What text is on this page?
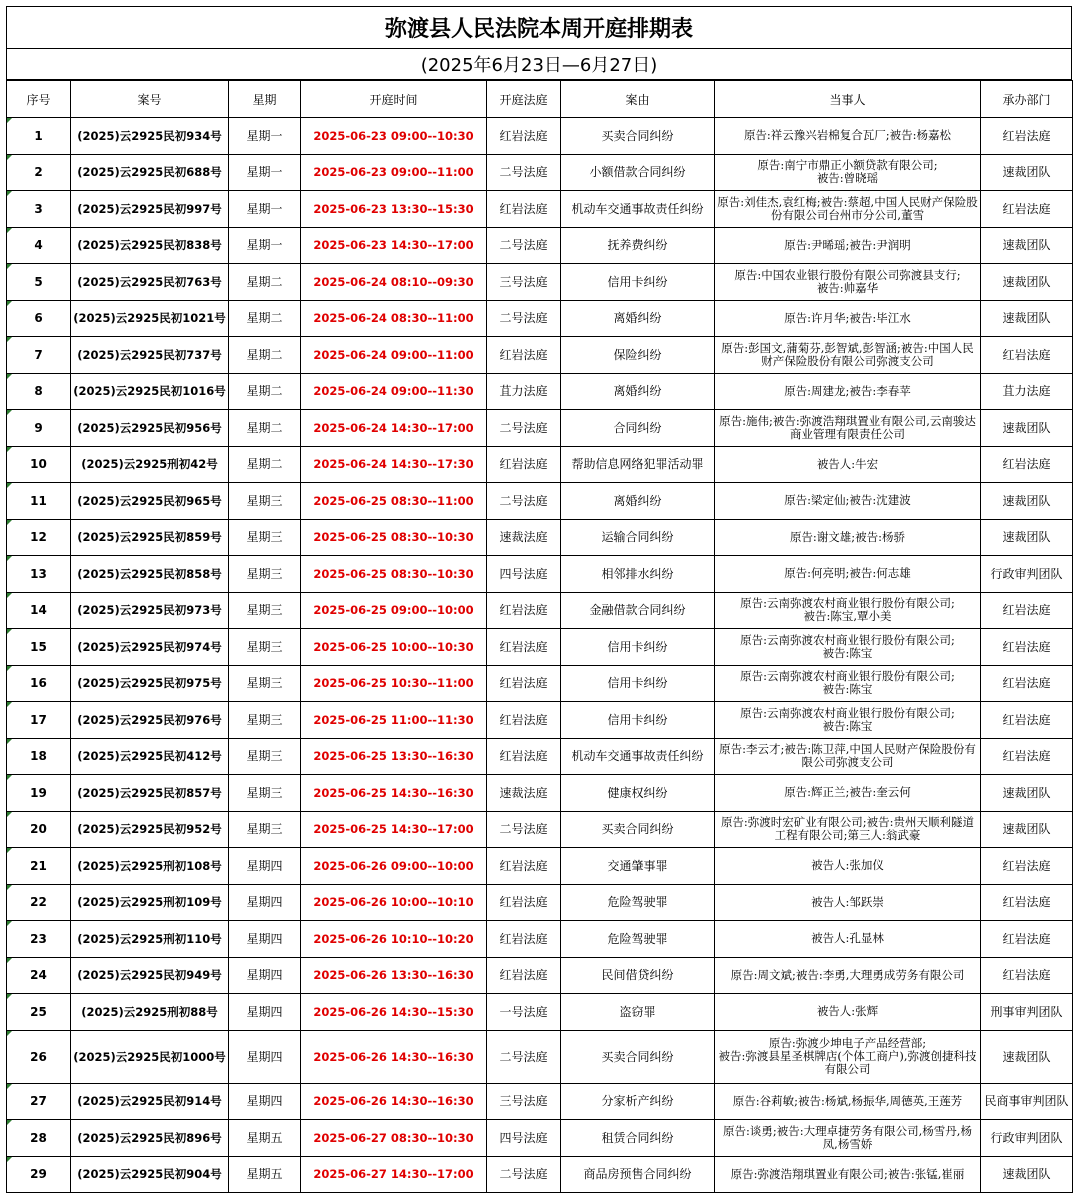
弥渡县人民法院本周开庭排期表
(2025年6月23日—6月27日)
序号	案号	星期	开庭时间	开庭法庭	案由	当事人	承办部门
1	(2025)云2925民初934号	星期一	2025-06-23 09:00--10:30	红岩法庭	买卖合同纠纷	原告:祥云豫兴岩棉复合瓦厂;被告:杨嘉松	红岩法庭
2	(2025)云2925民初688号	星期一	2025-06-23 09:00--11:00	二号法庭	小额借款合同纠纷	原告:南宁市鼎正小额贷款有限公司;
被告:曾晓瑶	速裁团队
3	(2025)云2925民初997号	星期一	2025-06-23 13:30--15:30	红岩法庭	机动车交通事故责任纠纷	原告:刘佳杰,袁红梅;被告:蔡超,中国人民财产保险股份有限公司台州市分公司,董雪	红岩法庭
4	(2025)云2925民初838号	星期一	2025-06-23 14:30--17:00	二号法庭	抚养费纠纷	原告:尹晞瑶;被告:尹润明	速裁团队
5	(2025)云2925民初763号	星期二	2025-06-24 08:10--09:30	三号法庭	信用卡纠纷	原告:中国农业银行股份有限公司弥渡县支行;
被告:帅嘉华	速裁团队
6	(2025)云2925民初1021号	星期二	2025-06-24 08:30--11:00	二号法庭	离婚纠纷	原告:许月华;被告:毕江水	速裁团队
7	(2025)云2925民初737号	星期二	2025-06-24 09:00--11:00	红岩法庭	保险纠纷	原告:彭国文,蒲菊芬,彭智斌,彭智涵;被告:中国人民财产保险股份有限公司弥渡支公司	红岩法庭
8	(2025)云2925民初1016号	星期二	2025-06-24 09:00--11:30	苴力法庭	离婚纠纷	原告:周建龙;被告:李春苹	苴力法庭
9	(2025)云2925民初956号	星期二	2025-06-24 14:30--17:00	二号法庭	合同纠纷	原告:施伟;被告:弥渡浩翔琪置业有限公司,云南骏达商业管理有限责任公司	速裁团队
10	(2025)云2925刑初42号	星期二	2025-06-24 14:30--17:30	红岩法庭	帮助信息网络犯罪活动罪	被告人:牛宏	红岩法庭
11	(2025)云2925民初965号	星期三	2025-06-25 08:30--11:00	二号法庭	离婚纠纷	原告:梁定仙;被告:沈建波	速裁团队
12	(2025)云2925民初859号	星期三	2025-06-25 08:30--10:30	速裁法庭	运输合同纠纷	原告:谢文雄;被告:杨骄	速裁团队
13	(2025)云2925民初858号	星期三	2025-06-25 08:30--10:30	四号法庭	相邻排水纠纷	原告:何亮明;被告:何志雄	行政审判团队
14	(2025)云2925民初973号	星期三	2025-06-25 09:00--10:00	红岩法庭	金融借款合同纠纷	原告:云南弥渡农村商业银行股份有限公司;
被告:陈宝,覃小美	红岩法庭
15	(2025)云2925民初974号	星期三	2025-06-25 10:00--10:30	红岩法庭	信用卡纠纷	原告:云南弥渡农村商业银行股份有限公司;
被告:陈宝	红岩法庭
16	(2025)云2925民初975号	星期三	2025-06-25 10:30--11:00	红岩法庭	信用卡纠纷	原告:云南弥渡农村商业银行股份有限公司;
被告:陈宝	红岩法庭
17	(2025)云2925民初976号	星期三	2025-06-25 11:00--11:30	红岩法庭	信用卡纠纷	原告:云南弥渡农村商业银行股份有限公司;
被告:陈宝	红岩法庭
18	(2025)云2925民初412号	星期三	2025-06-25 13:30--16:30	红岩法庭	机动车交通事故责任纠纷	原告:李云才;被告:陈卫萍,中国人民财产保险股份有限公司弥渡支公司	红岩法庭
19	(2025)云2925民初857号	星期三	2025-06-25 14:30--16:30	速裁法庭	健康权纠纷	原告:辉正兰;被告:奎云何	速裁团队
20	(2025)云2925民初952号	星期三	2025-06-25 14:30--17:00	二号法庭	买卖合同纠纷	原告:弥渡时宏矿业有限公司;被告:贵州天顺利隧道工程有限公司;第三人:翁武豪	速裁团队
21	(2025)云2925刑初108号	星期四	2025-06-26 09:00--10:00	红岩法庭	交通肇事罪	被告人:张加仪	红岩法庭
22	(2025)云2925刑初109号	星期四	2025-06-26 10:00--10:10	红岩法庭	危险驾驶罪	被告人:邹跃崇	红岩法庭
23	(2025)云2925刑初110号	星期四	2025-06-26 10:10--10:20	红岩法庭	危险驾驶罪	被告人:孔显林	红岩法庭
24	(2025)云2925民初949号	星期四	2025-06-26 13:30--16:30	红岩法庭	民间借贷纠纷	原告:周文斌;被告:李勇,大理勇成劳务有限公司	红岩法庭
25	(2025)云2925刑初88号	星期四	2025-06-26 14:30--15:30	一号法庭	盗窃罪	被告人:张辉	刑事审判团队
26	(2025)云2925民初1000号	星期四	2025-06-26 14:30--16:30	二号法庭	买卖合同纠纷	原告:弥渡少坤电子产品经营部;
被告:弥渡县星圣棋牌店(个体工商户),弥渡创捷科技有限公司	速裁团队
27	(2025)云2925民初914号	星期四	2025-06-26 14:30--16:30	三号法庭	分家析产纠纷	原告:谷莉敏;被告:杨斌,杨振华,周德英,王莲芳	民商事审判团队
28	(2025)云2925民初896号	星期五	2025-06-27 08:30--10:30	四号法庭	租赁合同纠纷	原告:谈勇;被告:大理卓捷劳务有限公司,杨雪丹,杨凤,杨雪娇	行政审判团队
29	(2025)云2925民初904号	星期五	2025-06-27 14:30--17:00	二号法庭	商品房预售合同纠纷	原告:弥渡浩翔琪置业有限公司;被告:张锰,崔丽	速裁团队
